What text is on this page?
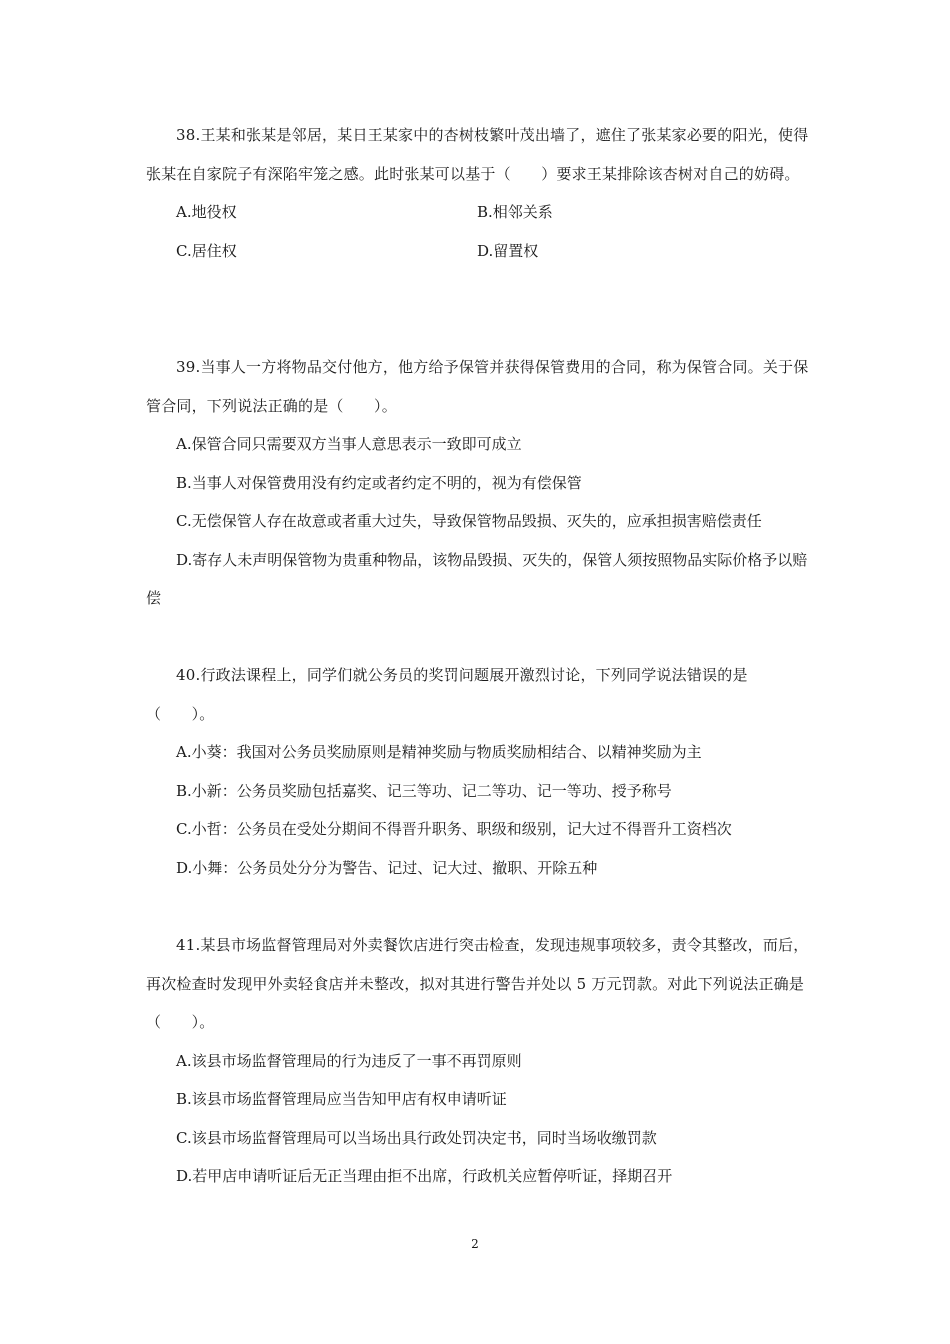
38.王某和张某是邻居，某日王某家中的杏树枝繁叶茂出墙了，遮住了张某家必要的阳光，使得张某在自家院子有深陷牢笼之感。此时张某可以基于（　　）要求王某排除该杏树对自己的妨碍。

A.地役权	B.相邻关系
C.居住权	D.留置权

39.当事人一方将物品交付他方，他方给予保管并获得保管费用的合同，称为保管合同。关于保管合同，下列说法正确的是（　　）。

A.保管合同只需要双方当事人意思表示一致即可成立
B.当事人对保管费用没有约定或者约定不明的，视为有偿保管
C.无偿保管人存在故意或者重大过失，导致保管物品毁损、灭失的，应承担损害赔偿责任
D.寄存人未声明保管物为贵重种物品，该物品毁损、灭失的，保管人须按照物品实际价格予以赔偿

40.行政法课程上，同学们就公务员的奖罚问题展开激烈讨论，下列同学说法错误的是（　　）。

A.小葵：我国对公务员奖励原则是精神奖励与物质奖励相结合、以精神奖励为主
B.小新：公务员奖励包括嘉奖、记三等功、记二等功、记一等功、授予称号
C.小哲：公务员在受处分期间不得晋升职务、职级和级别，记大过不得晋升工资档次
D.小舞：公务员处分分为警告、记过、记大过、撤职、开除五种

41.某县市场监督管理局对外卖餐饮店进行突击检查，发现违规事项较多，责令其整改，而后，再次检查时发现甲外卖轻食店并未整改，拟对其进行警告并处以 5 万元罚款。对此下列说法正确是（　　）。

A.该县市场监督管理局的行为违反了一事不再罚原则
B.该县市场监督管理局应当告知甲店有权申请听证
C.该县市场监督管理局可以当场出具行政处罚决定书，同时当场收缴罚款
D.若甲店申请听证后无正当理由拒不出席，行政机关应暂停听证，择期召开
2
